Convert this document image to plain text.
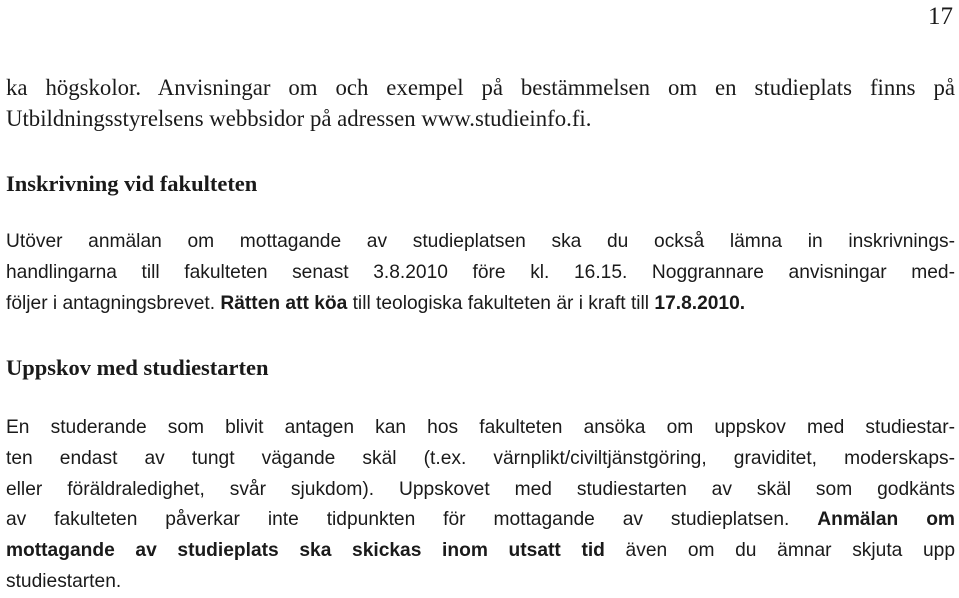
17
ka högskolor. Anvisningar om och exempel på bestämmelsen om en studieplats finns på
Utbildningsstyrelsens webbsidor på adressen www.studieinfo.fi.
Inskrivning vid fakulteten
Utöver anmälan om mottagande av studieplatsen ska du också lämna in inskrivnings-
handlingarna till fakulteten senast 3.8.2010 före kl. 16.15. Noggrannare anvisningar med-
följer i antagningsbrevet. Rätten att köa till teologiska fakulteten är i kraft till 17.8.2010.
Uppskov med studiestarten
En studerande som blivit antagen kan hos fakulteten ansöka om uppskov med studiestar-
ten endast av tungt vägande skäl (t.ex. värnplikt/civiltjänstgöring, graviditet, moderskaps-
eller föräldraledighet, svår sjukdom). Uppskovet med studiestarten av skäl som godkänts
av fakulteten påverkar inte tidpunkten för mottagande av studieplatsen. Anmälan om
mottagande av studieplats ska skickas inom utsatt tid även om du ämnar skjuta upp
studiestarten.
